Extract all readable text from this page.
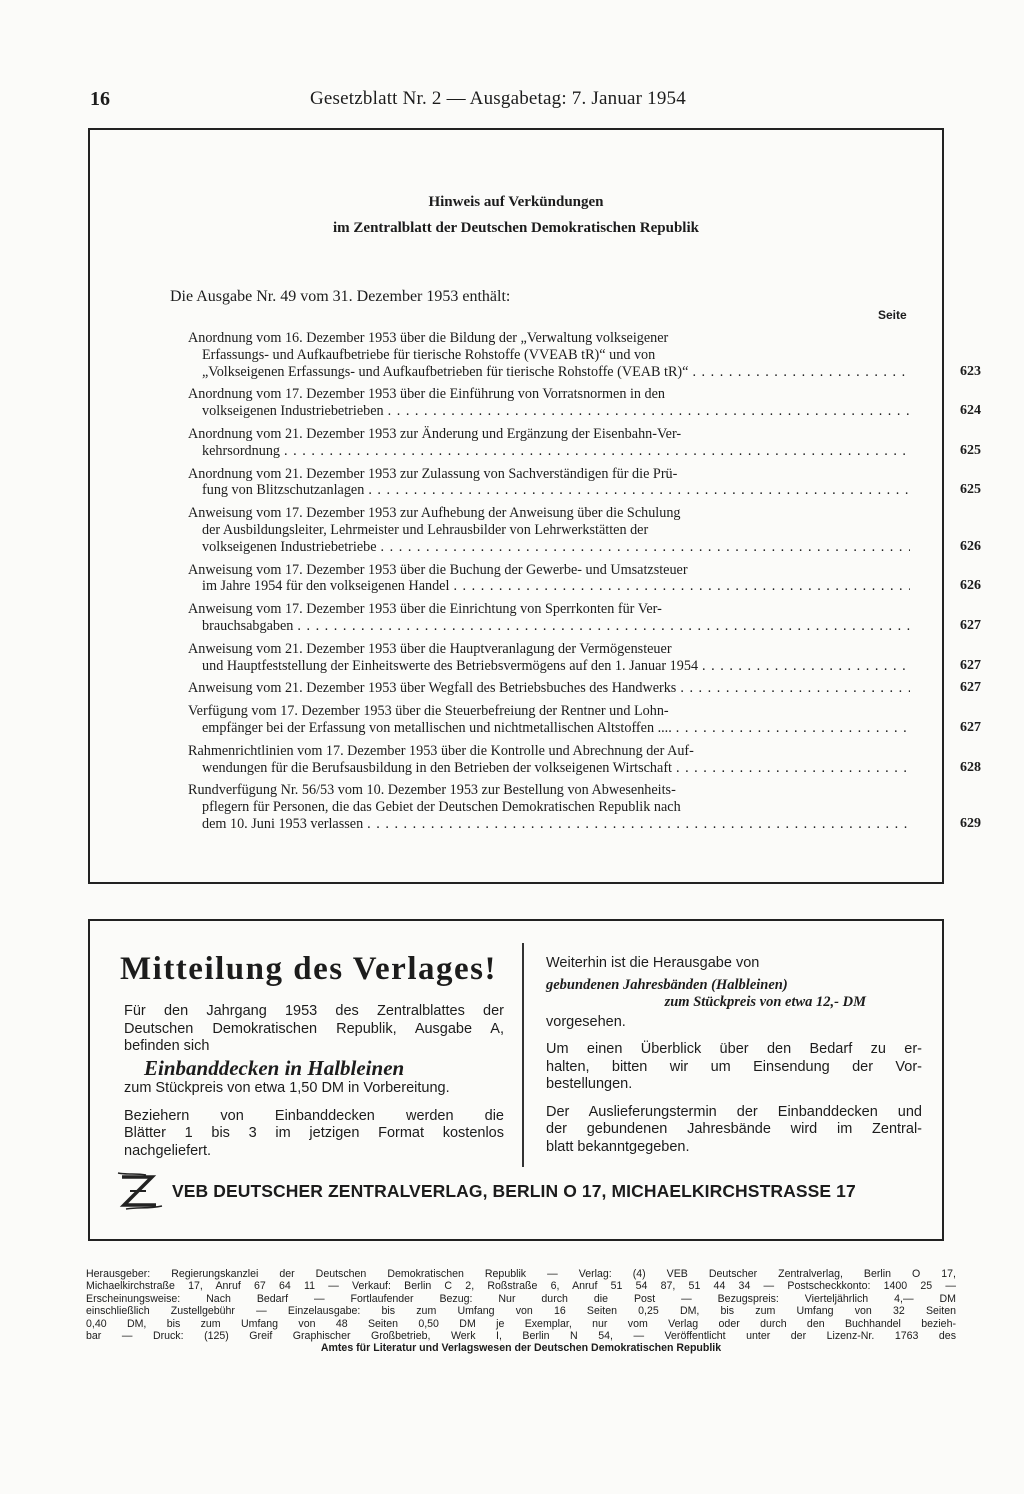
16	Gesetzblatt Nr. 2 — Ausgabetag: 7. Januar 1954
Hinweis auf Verkündungen
im Zentralblatt der Deutschen Demokratischen Republik
Die Ausgabe Nr. 49 vom 31. Dezember 1953 enthält:
Seite
Anordnung vom 16. Dezember 1953 über die Bildung der „Verwaltung volkseigener
Erfassungs- und Aufkaufbetriebe für tierische Rohstoffe (VVEAB tR)“ und von
„Volkseigenen Erfassungs- und Aufkaufbetrieben für tierische Rohstoffe (VEAB tR)“ . . .	623
Anordnung vom 17. Dezember 1953 über die Einführung von Vorratsnormen in den
volkseigenen Industriebetrieben . . .	624
Anordnung vom 21. Dezember 1953 zur Änderung und Ergänzung der Eisenbahn-Ver-
kehrsordnung . . .	625
Anordnung vom 21. Dezember 1953 zur Zulassung von Sachverständigen für die Prü-
fung von Blitzschutzanlagen . . .	625
Anweisung vom 17. Dezember 1953 zur Aufhebung der Anweisung über die Schulung
der Ausbildungsleiter, Lehrmeister und Lehrausbilder von Lehrwerkstätten der
volkseigenen Industriebetriebe . . .	626
Anweisung vom 17. Dezember 1953 über die Buchung der Gewerbe- und Umsatzsteuer
im Jahre 1954 für den volkseigenen Handel . . .	626
Anweisung vom 17. Dezember 1953 über die Einrichtung von Sperrkonten für Ver-
brauchsabgaben . . .	627
Anweisung vom 21. Dezember 1953 über die Hauptveranlagung der Vermögensteuer
und Hauptfeststellung der Einheitswerte des Betriebsvermögens auf den 1. Januar 1954 . . .	627
Anweisung vom 21. Dezember 1953 über Wegfall des Betriebsbuches des Handwerks . . .	627
Verfügung vom 17. Dezember 1953 über die Steuerbefreiung der Rentner und Lohn-
empfänger bei der Erfassung von metallischen und nichtmetallischen Altstoffen .... . . .	627
Rahmenrichtlinien vom 17. Dezember 1953 über die Kontrolle und Abrechnung der Auf-
wendungen für die Berufsausbildung in den Betrieben der volkseigenen Wirtschaft . . .	628
Rundverfügung Nr. 56/53 vom 10. Dezember 1953 zur Bestellung von Abwesenheits-
pflegern für Personen, die das Gebiet der Deutschen Demokratischen Republik nach
dem 10. Juni 1953 verlassen . . .	629
Mitteilung des Verlages!

Für den Jahrgang 1953 des Zentralblattes der

Deutschen Demokratischen Republik, Ausgabe A,

befinden sich

Einbanddecken in Halbleinen

zum Stückpreis von etwa 1,50 DM in Vorbereitung.

Beziehern von Einbanddecken werden die

Blätter 1 bis 3 im jetzigen Format kostenlos

nachgeliefert.

Weiterhin ist die Herausgabe von

gebundenen Jahresbänden (Halbleinen)

zum Stückpreis von etwa 12,- DM

vorgesehen.

Um einen Überblick über den Bedarf zu er-

halten, bitten wir um Einsendung der Vor-

bestellungen.

Der Auslieferungstermin der Einbanddecken und

der gebundenen Jahresbände wird im Zentral-

blatt bekanntgegeben.

VEB DEUTSCHER ZENTRALVERLAG, BERLIN O 17, MICHAELKIRCHSTRASSE 17
Herausgeber: Regierungskanzlei der Deutschen Demokratischen Republik — Verlag: (4) VEB Deutscher Zentralverlag, Berlin O 17,
Michaelkirchstraße 17, Anruf 67 64 11 — Verkauf: Berlin C 2, Roßstraße 6, Anruf 51 54 87, 51 44 34 — Postscheckkonto: 1400 25 —
Erscheinungsweise: Nach Bedarf — Fortlaufender Bezug: Nur durch die Post — Bezugspreis: Vierteljährlich 4,— DM
einschließlich Zustellgebühr — Einzelausgabe: bis zum Umfang von 16 Seiten 0,25 DM, bis zum Umfang von 32 Seiten
0,40 DM, bis zum Umfang von 48 Seiten 0,50 DM je Exemplar, nur vom Verlag oder durch den Buchhandel bezieh-
bar — Druck: (125) Greif Graphischer Großbetrieb, Werk I, Berlin N 54, — Veröffentlicht unter der Lizenz-Nr. 1763 des
Amtes für Literatur und Verlagswesen der Deutschen Demokratischen Republik
